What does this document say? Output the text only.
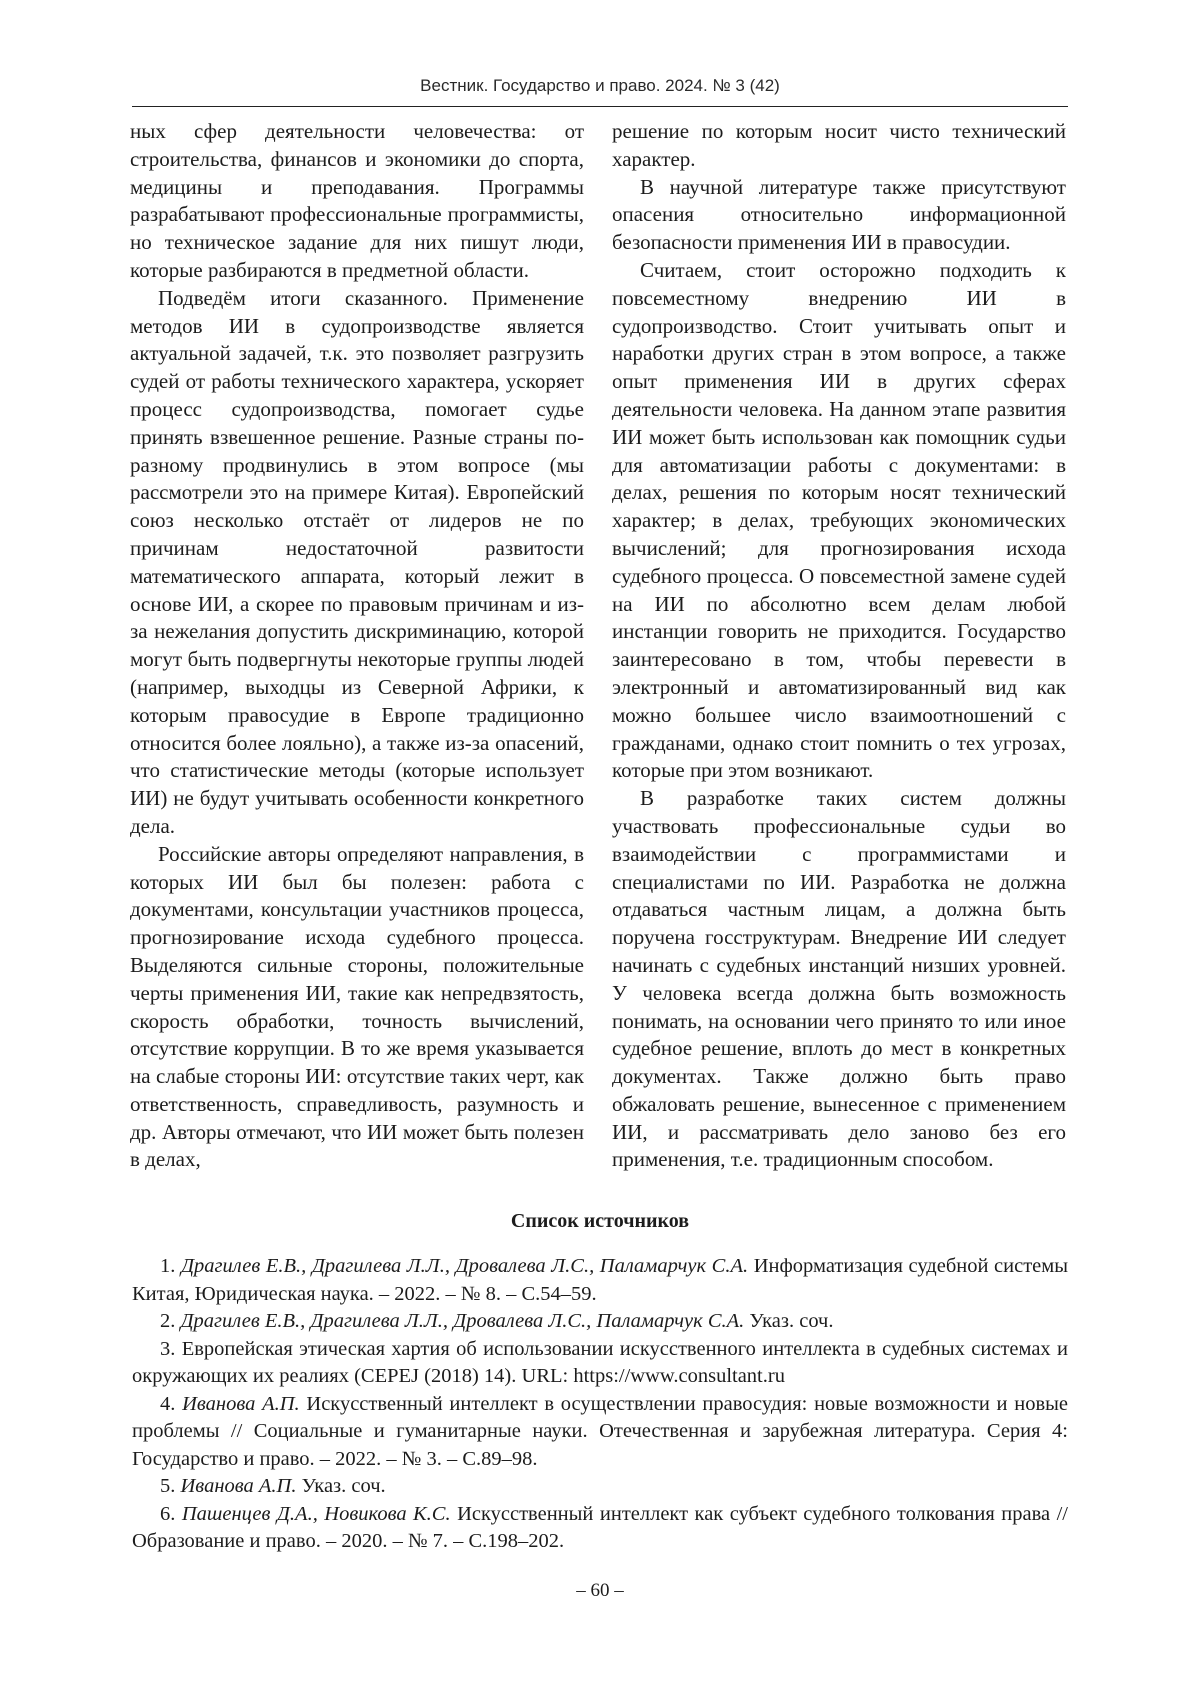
Вестник. Государство и право. 2024. № 3 (42)

ных сфер деятельности человечества: от строительства, финансов и экономики до спорта, медицины и преподавания. Программы разрабатывают профессиональные программисты, но техническое задание для них пишут люди, которые разбираются в предметной области.

Подведём итоги сказанного. Применение методов ИИ в судопроизводстве является актуальной задачей, т.к. это позволяет разгрузить судей от работы технического характера, ускоряет процесс судопроизводства, помогает судье принять взвешенное решение. Разные страны по-разному продвинулись в этом вопросе (мы рассмотрели это на примере Китая). Европейский союз несколько отстаёт от лидеров не по причинам недостаточной развитости математического аппарата, который лежит в основе ИИ, а скорее по правовым причинам и из-за нежелания допустить дискриминацию, которой могут быть подвергнуты некоторые группы людей (например, выходцы из Северной Африки, к которым правосудие в Европе традиционно относится более лояльно), а также из-за опасений, что статистические методы (которые использует ИИ) не будут учитывать особенности конкретного дела.

Российские авторы определяют направления, в которых ИИ был бы полезен: работа с документами, консультации участников процесса, прогнозирование исхода судебного процесса. Выделяются сильные стороны, положительные черты применения ИИ, такие как непредвзятость, скорость обработки, точность вычислений, отсутствие коррупции. В то же время указывается на слабые стороны ИИ: отсутствие таких черт, как ответственность, справедливость, разумность и др. Авторы отмечают, что ИИ может быть полезен в делах,

решение по которым носит чисто технический характер.

В научной литературе также присутствуют опасения относительно информационной безопасности применения ИИ в правосудии.

Считаем, стоит осторожно подходить к повсеместному внедрению ИИ в судопроизводство. Стоит учитывать опыт и наработки других стран в этом вопросе, а также опыт применения ИИ в других сферах деятельности человека. На данном этапе развития ИИ может быть использован как помощник судьи для автоматизации работы с документами: в делах, решения по которым носят технический характер; в делах, требующих экономических вычислений; для прогнозирования исхода судебного процесса. О повсеместной замене судей на ИИ по абсолютно всем делам любой инстанции говорить не приходится. Государство заинтересовано в том, чтобы перевести в электронный и автоматизированный вид как можно большее число взаимоотношений с гражданами, однако стоит помнить о тех угрозах, которые при этом возникают.

В разработке таких систем должны участвовать профессиональные судьи во взаимодействии с программистами и специалистами по ИИ. Разработка не должна отдаваться частным лицам, а должна быть поручена госструктурам. Внедрение ИИ следует начинать с судебных инстанций низших уровней. У человека всегда должна быть возможность понимать, на основании чего принято то или иное судебное решение, вплоть до мест в конкретных документах. Также должно быть право обжаловать решение, вынесенное с применением ИИ, и рассматривать дело заново без его применения, т.е. традиционным способом.

Список источников

1. Драгилев Е.В., Драгилева Л.Л., Дровалева Л.С., Паламарчук С.А. Информатизация судебной системы Китая, Юридическая наука. – 2022. – № 8. – С.54–59.

2. Драгилев Е.В., Драгилева Л.Л., Дровалева Л.С., Паламарчук С.А. Указ. соч.

3. Европейская этическая хартия об использовании искусственного интеллекта в судебных системах и окружающих их реалиях (CEPEJ (2018) 14). URL: https://www.consultant.ru

4. Иванова А.П. Искусственный интеллект в осуществлении правосудия: новые возможности и новые проблемы // Социальные и гуманитарные науки. Отечественная и зарубежная литература. Серия 4: Государство и право. – 2022. – № 3. – С.89–98.

5. Иванова А.П. Указ. соч.

6. Пашенцев Д.А., Новикова К.С. Искусственный интеллект как субъект судебного толкования права // Образование и право. – 2020. – № 7. – С.198–202.

– 60 –
